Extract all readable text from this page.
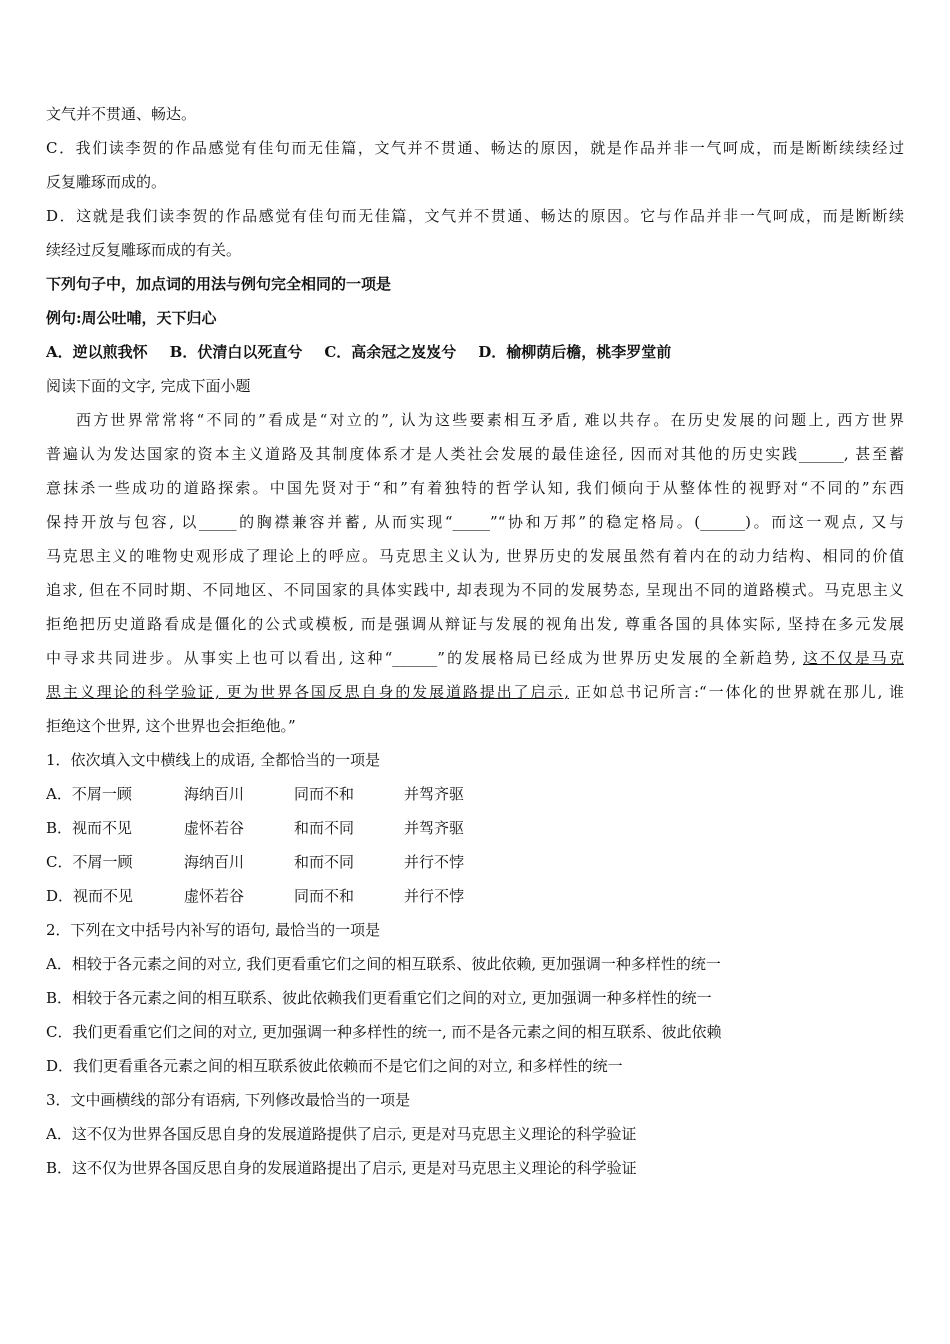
文气并不贯通、畅达。
C．我们读李贺的作品感觉有佳句而无佳篇，文气并不贯通、畅达的原因，就是作品并非一气呵成，而是断断续续经过
反复雕琢而成的。
D．这就是我们读李贺的作品感觉有佳句而无佳篇，文气并不贯通、畅达的原因。它与作品并非一气呵成，而是断断续
续经过反复雕琢而成的有关。
下列句子中，加点词的用法与例句完全相同的一项是
例句:周公吐哺，天下归心
A．逆以煎我怀 B．伏清白以死直兮 C．高余冠之岌岌兮 D．榆柳荫后檐，桃李罗堂前
阅读下面的文字, 完成下面小题
西方世界常常将“不同的”看成是“对立的”, 认为这些要素相互矛盾, 难以共存。在历史发展的问题上, 西方世界
普遍认为发达国家的资本主义道路及其制度体系才是人类社会发展的最佳途径, 因而对其他的历史实践______, 甚至蓄
意抹杀一些成功的道路探索。中国先贤对于“和”有着独特的哲学认知, 我们倾向于从整体性的视野对“不同的”东西
保持开放与包容, 以_____的胸襟兼容并蓄, 从而实现“_____”“协和万邦”的稳定格局。(______)。而这一观点, 又与
马克思主义的唯物史观形成了理论上的呼应。马克思主义认为, 世界历史的发展虽然有着内在的动力结构、相同的价值
追求, 但在不同时期、不同地区、不同国家的具体实践中, 却表现为不同的发展势态, 呈现出不同的道路模式。马克思主义
拒绝把历史道路看成是僵化的公式或模板, 而是强调从辩证与发展的视角出发, 尊重各国的具体实际, 坚持在多元发展
中寻求共同进步。从事实上也可以看出, 这种“______”的发展格局已经成为世界历史发展的全新趋势, 这不仅是马克
思主义理论的科学验证, 更为世界各国反思自身的发展道路提出了启示, 正如总书记所言:“一体化的世界就在那儿, 谁
拒绝这个世界, 这个世界也会拒绝他。”
1．依次填入文中横线上的成语, 全都恰当的一项是
A．不屑一顾	海纳百川	同而不和	并驾齐驱
B．视而不见	虚怀若谷	和而不同	并驾齐驱
C．不屑一顾	海纳百川	和而不同	并行不悖
D．视而不见	虚怀若谷	同而不和	并行不悖
2．下列在文中括号内补写的语句, 最恰当的一项是
A．相较于各元素之间的对立, 我们更看重它们之间的相互联系、彼此依赖, 更加强调一种多样性的统一
B．相较于各元素之间的相互联系、彼此依赖我们更看重它们之间的对立, 更加强调一种多样性的统一
C．我们更看重它们之间的对立, 更加强调一种多样性的统一, 而不是各元素之间的相互联系、彼此依赖
D．我们更看重各元素之间的相互联系彼此依赖而不是它们之间的对立, 和多样性的统一
3．文中画横线的部分有语病, 下列修改最恰当的一项是
A．这不仅为世界各国反思自身的发展道路提供了启示, 更是对马克思主义理论的科学验证
B．这不仅为世界各国反思自身的发展道路提出了启示, 更是对马克思主义理论的科学验证
